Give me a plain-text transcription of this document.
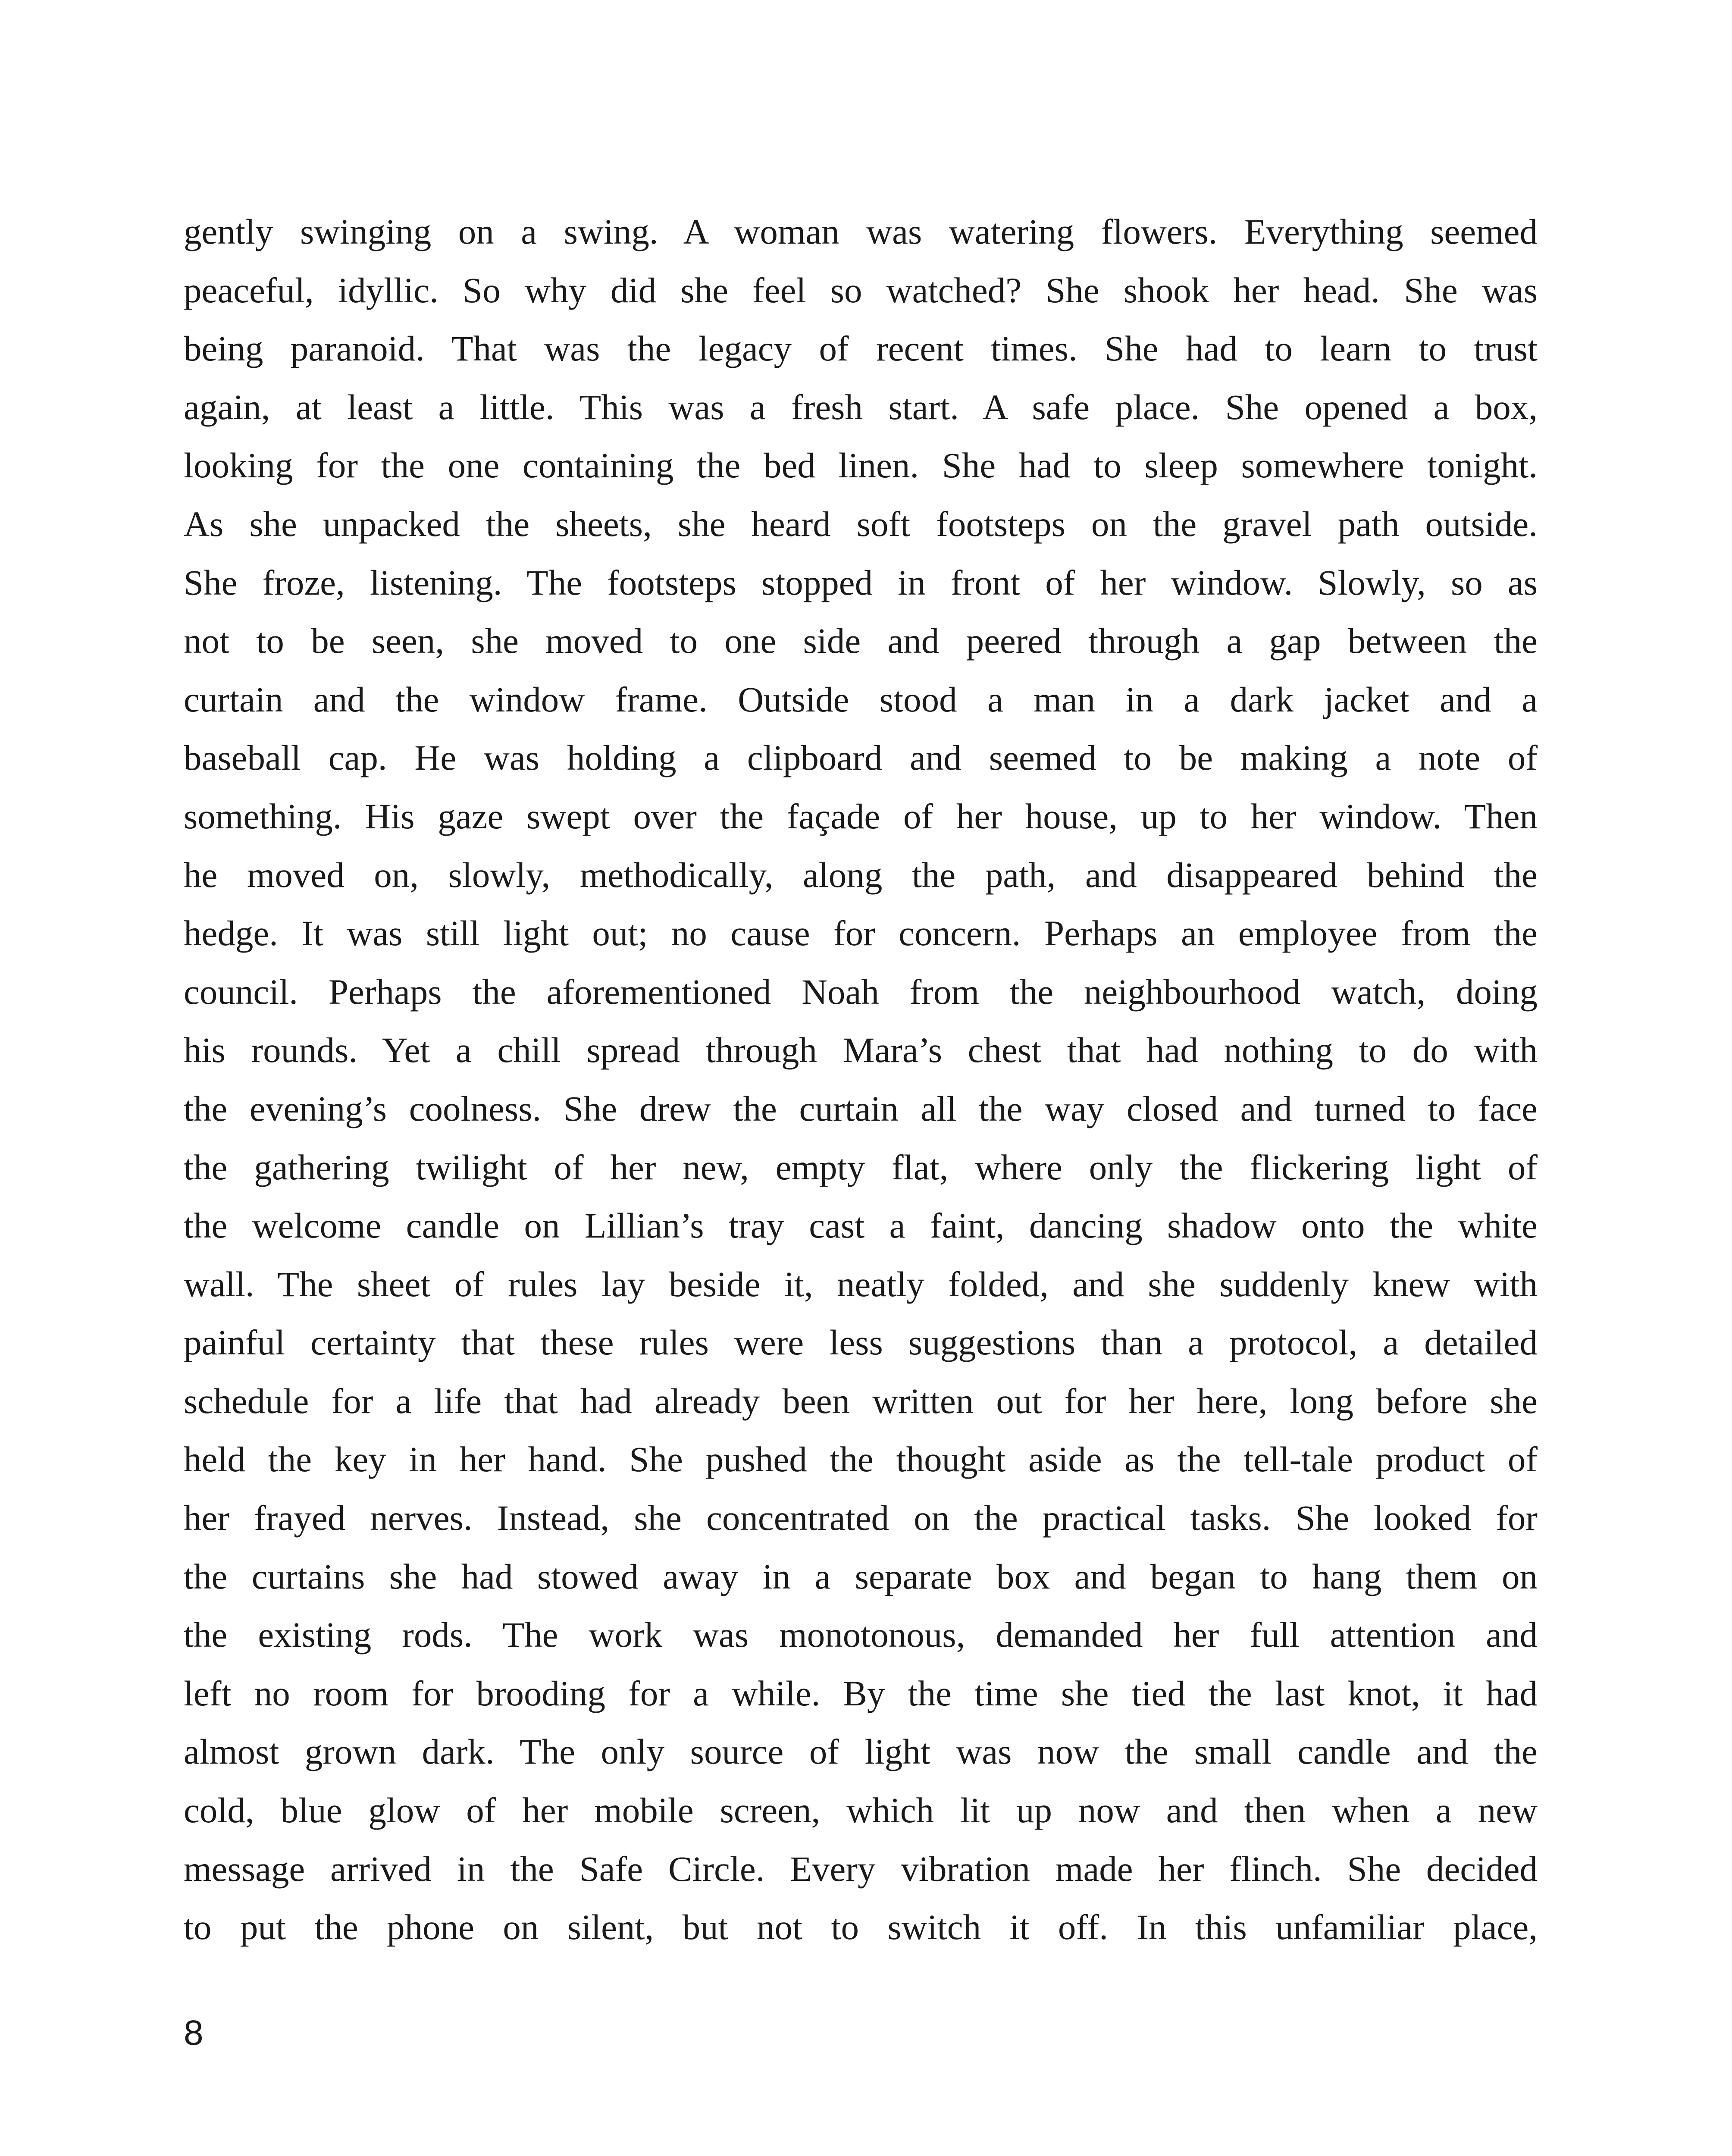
gently swinging on a swing. A woman was watering flowers. Everything seemed
peaceful, idyllic. So why did she feel so watched? She shook her head. She was
being paranoid. That was the legacy of recent times. She had to learn to trust
again, at least a little. This was a fresh start. A safe place. She opened a box,
looking for the one containing the bed linen. She had to sleep somewhere tonight.
As she unpacked the sheets, she heard soft footsteps on the gravel path outside.
She froze, listening. The footsteps stopped in front of her window. Slowly, so as
not to be seen, she moved to one side and peered through a gap between the
curtain and the window frame. Outside stood a man in a dark jacket and a
baseball cap. He was holding a clipboard and seemed to be making a note of
something. His gaze swept over the façade of her house, up to her window. Then
he moved on, slowly, methodically, along the path, and disappeared behind the
hedge. It was still light out; no cause for concern. Perhaps an employee from the
council. Perhaps the aforementioned Noah from the neighbourhood watch, doing
his rounds. Yet a chill spread through Mara’s chest that had nothing to do with
the evening’s coolness. She drew the curtain all the way closed and turned to face
the gathering twilight of her new, empty flat, where only the flickering light of
the welcome candle on Lillian’s tray cast a faint, dancing shadow onto the white
wall. The sheet of rules lay beside it, neatly folded, and she suddenly knew with
painful certainty that these rules were less suggestions than a protocol, a detailed
schedule for a life that had already been written out for her here, long before she
held the key in her hand. She pushed the thought aside as the tell-tale product of
her frayed nerves. Instead, she concentrated on the practical tasks. She looked for
the curtains she had stowed away in a separate box and began to hang them on
the existing rods. The work was monotonous, demanded her full attention and
left no room for brooding for a while. By the time she tied the last knot, it had
almost grown dark. The only source of light was now the small candle and the
cold, blue glow of her mobile screen, which lit up now and then when a new
message arrived in the Safe Circle. Every vibration made her flinch. She decided
to put the phone on silent, but not to switch it off. In this unfamiliar place,
8
